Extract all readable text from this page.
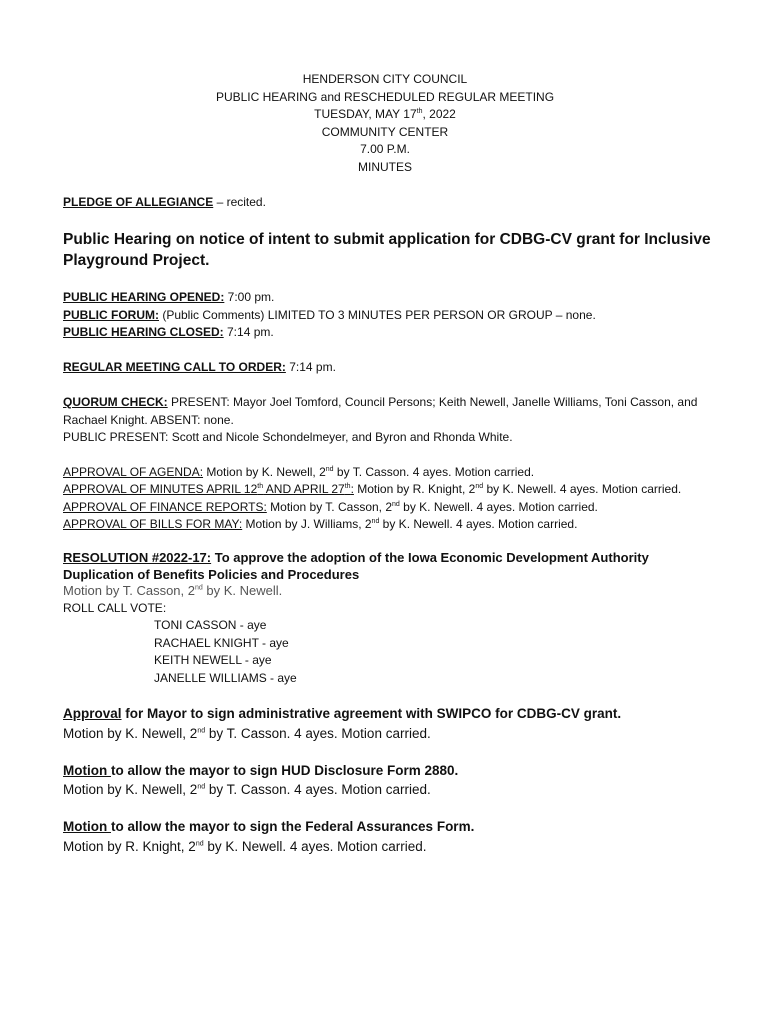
HENDERSON CITY COUNCIL
PUBLIC HEARING and RESCHEDULED REGULAR MEETING
TUESDAY, MAY 17th, 2022
COMMUNITY CENTER
7.00 P.M.
MINUTES
PLEDGE OF ALLEGIANCE – recited.
Public Hearing on notice of intent to submit application for CDBG-CV grant for Inclusive
Playground Project.
PUBLIC HEARING OPENED: 7:00 pm.
PUBLIC FORUM: (Public Comments) LIMITED TO 3 MINUTES PER PERSON OR GROUP – none.
PUBLIC HEARING CLOSED: 7:14 pm.
REGULAR MEETING CALL TO ORDER: 7:14 pm.
QUORUM CHECK: PRESENT: Mayor Joel Tomford, Council Persons; Keith Newell, Janelle Williams, Toni Casson, and
Rachael Knight. ABSENT: none.
PUBLIC PRESENT: Scott and Nicole Schondelmeyer, and Byron and Rhonda White.
APPROVAL OF AGENDA: Motion by K. Newell, 2nd by T. Casson. 4 ayes. Motion carried.
APPROVAL OF MINUTES APRIL 12th AND APRIL 27th: Motion by R. Knight, 2nd by K. Newell. 4 ayes. Motion carried.
APPROVAL OF FINANCE REPORTS: Motion by T. Casson, 2nd by K. Newell. 4 ayes. Motion carried.
APPROVAL OF BILLS FOR MAY: Motion by J. Williams, 2nd by K. Newell. 4 ayes. Motion carried.
RESOLUTION #2022-17: To approve the adoption of the Iowa Economic Development Authority
Duplication of Benefits Policies and Procedures
Motion by T. Casson, 2nd by K. Newell.
ROLL CALL VOTE:
TONI CASSON - aye
RACHAEL KNIGHT - aye
KEITH NEWELL - aye
JANELLE WILLIAMS - aye
Approval for Mayor to sign administrative agreement with SWIPCO for CDBG-CV grant.
Motion by K. Newell, 2nd by T. Casson. 4 ayes. Motion carried.
Motion to allow the mayor to sign HUD Disclosure Form 2880.
Motion by K. Newell, 2nd by T. Casson. 4 ayes. Motion carried.
Motion to allow the mayor to sign the Federal Assurances Form.
Motion by R. Knight, 2nd by K. Newell. 4 ayes. Motion carried.
